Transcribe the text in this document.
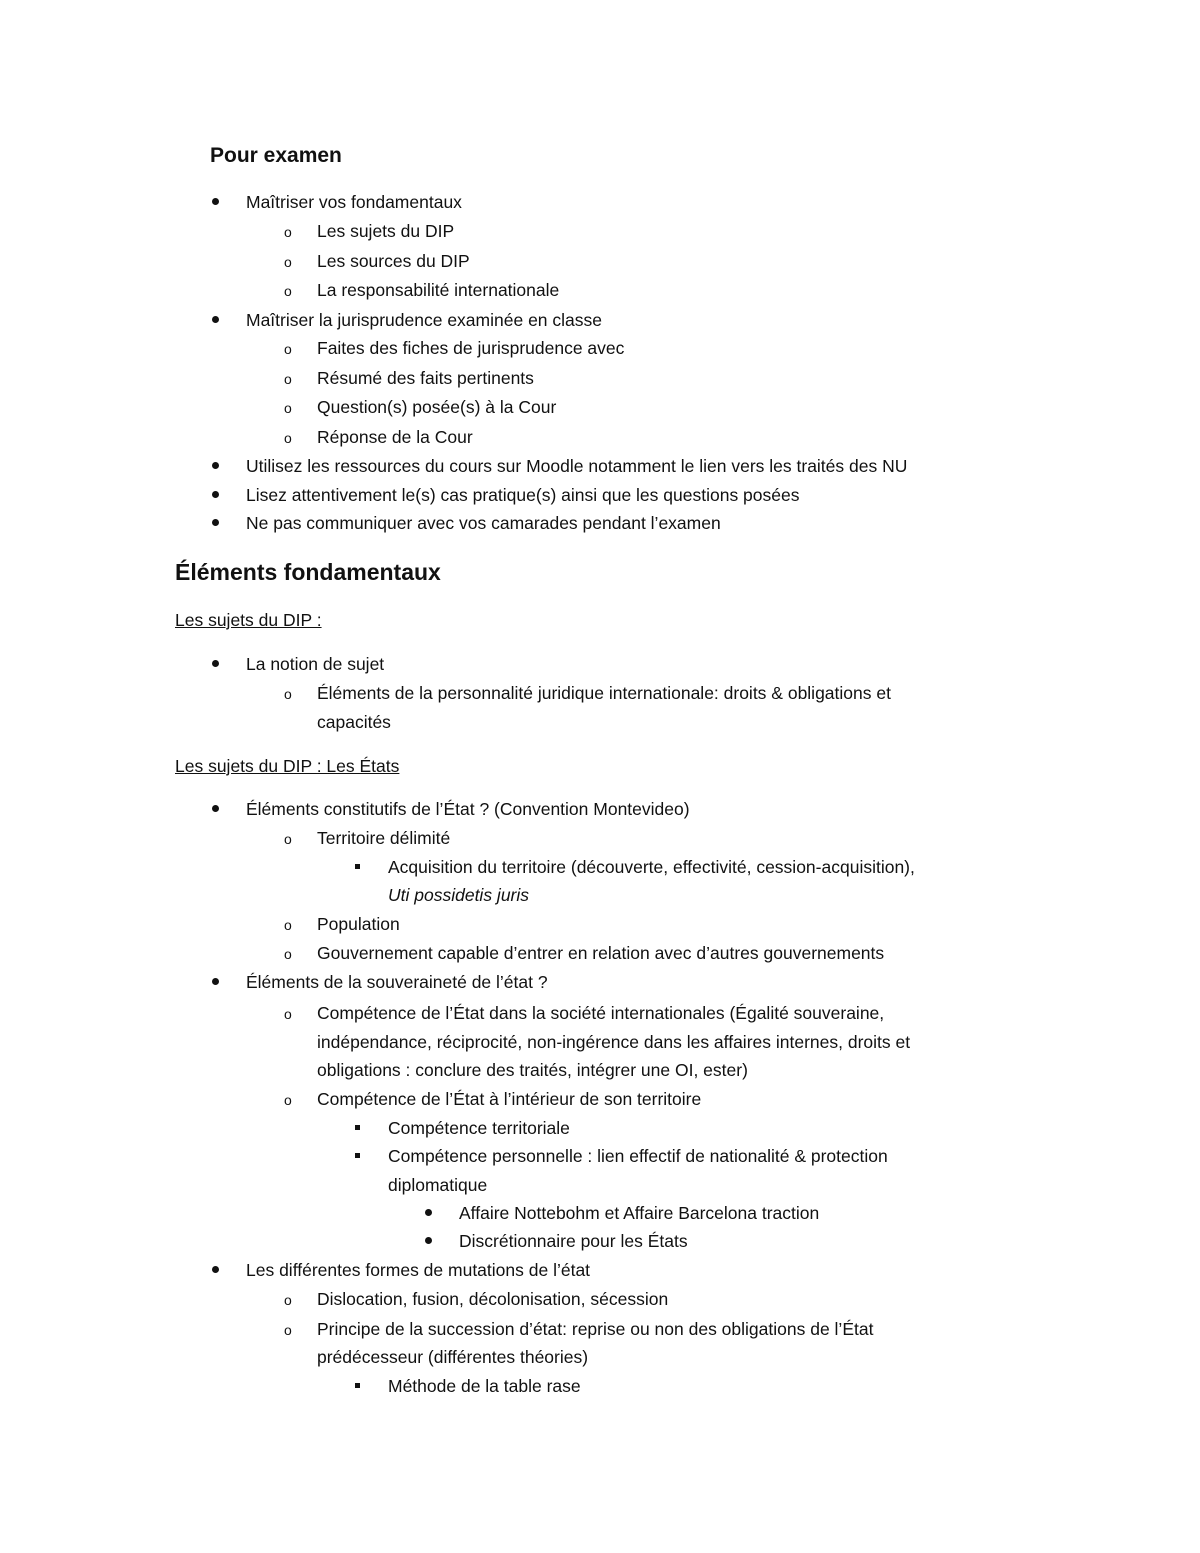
Pour examen
Maîtriser vos fondamentaux
o Les sujets du DIP
o Les sources du DIP
o La responsabilité internationale
Maîtriser la jurisprudence examinée en classe
o Faites des fiches de jurisprudence avec
o Résumé des faits pertinents
o Question(s) posée(s) à la Cour
o Réponse de la Cour
Utilisez les ressources du cours sur Moodle notamment le lien vers les traités des NU
Lisez attentivement le(s) cas pratique(s) ainsi que les questions posées
Ne pas communiquer avec vos camarades pendant l’examen
Éléments fondamentaux
Les sujets du DIP :
La notion de sujet
o Éléments de la personnalité juridique internationale: droits & obligations et
capacités
Les sujets du DIP : Les États
Éléments constitutifs de l’État ? (Convention Montevideo)
o Territoire délimité
Acquisition du territoire (découverte, effectivité, cession-acquisition),
Uti possidetis juris
o Population
o Gouvernement capable d’entrer en relation avec d’autres gouvernements
Éléments de la souveraineté de l’état ?
o Compétence de l’État dans la société internationales (Égalité souveraine,
indépendance, réciprocité, non-ingérence dans les affaires internes, droits et
obligations : conclure des traités, intégrer une OI, ester)
o Compétence de l’État à l’intérieur de son territoire
Compétence territoriale
Compétence personnelle : lien effectif de nationalité & protection
diplomatique
Affaire Nottebohm et Affaire Barcelona traction
Discrétionnaire pour les États
Les différentes formes de mutations de l’état
o Dislocation, fusion, décolonisation, sécession
o Principe de la succession d’état: reprise ou non des obligations de l’État
prédécesseur (différentes théories)
Méthode de la table rase
